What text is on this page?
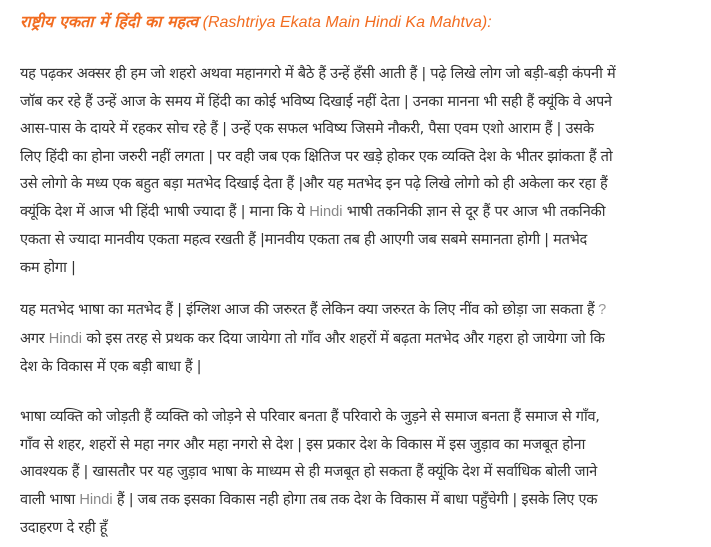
राष्ट्रीय एकता में हिंदी का महत्व (Rashtriya Ekata Main Hindi Ka Mahtva):

यह पढ़कर अक्सर ही हम जो शहरो अथवा महानगरो में बैठे हैं उन्हें हँसी आती हैं | पढ़े लिखे लोग जो बड़ी-बड़ी कंपनी में
जॉब कर रहे हैं उन्हें आज के समय में हिंदी का कोई भविष्य दिखाई नहीं देता | उनका मानना भी सही हैं क्यूंकि वे अपने
आस-पास के दायरे में रहकर सोच रहे हैं | उन्हें एक सफल भविष्य जिसमे नौकरी, पैसा एवम एशो आराम हैं | उसके
लिए हिंदी का होना जरुरी नहीं लगता | पर वही जब एक क्षितिज पर खड़े होकर एक व्यक्ति देश के भीतर झांकता हैं तो
उसे लोगो के मध्य एक बहुत बड़ा मतभेद दिखाई देता हैं |और यह मतभेद इन पढ़े लिखे लोगो को ही अकेला कर रहा हैं
क्यूंकि देश में आज भी हिंदी भाषी ज्यादा हैं | माना कि ये Hindi भाषी तकनिकी ज्ञान से दूर हैं पर आज भी तकनिकी
एकता से ज्यादा मानवीय एकता महत्व रखती हैं |मानवीय एकता तब ही आएगी जब सबमे समानता होगी | मतभेद
कम होगा |

यह मतभेद भाषा का मतभेद हैं | इंग्लिश आज की जरुरत हैं लेकिन क्या जरुरत के लिए नींव को छोड़ा जा सकता हैं ?
अगर Hindi को इस तरह से प्रथक कर दिया जायेगा तो गाँव और शहरों में बढ़ता मतभेद और गहरा हो जायेगा जो कि
देश के विकास में एक बड़ी बाधा हैं |

भाषा व्यक्ति को जोड़ती हैं व्यक्ति को जोड़ने से परिवार बनता हैं परिवारो के जुड़ने से समाज बनता हैं समाज से गाँव,
गाँव से शहर, शहरों से महा नगर और महा नगरो से देश | इस प्रकार देश के विकास में इस जुड़ाव का मजबूत होना
आवश्यक हैं | खासतौर पर यह जुड़ाव भाषा के माध्यम से ही मजबूत हो सकता हैं क्यूंकि देश में सर्वाधिक बोली जाने
वाली भाषा Hindi हैं | जब तक इसका विकास नही होगा तब तक देश के विकास में बाधा पहुँचेगी | इसके लिए एक
उदाहरण दे रही हूँ
